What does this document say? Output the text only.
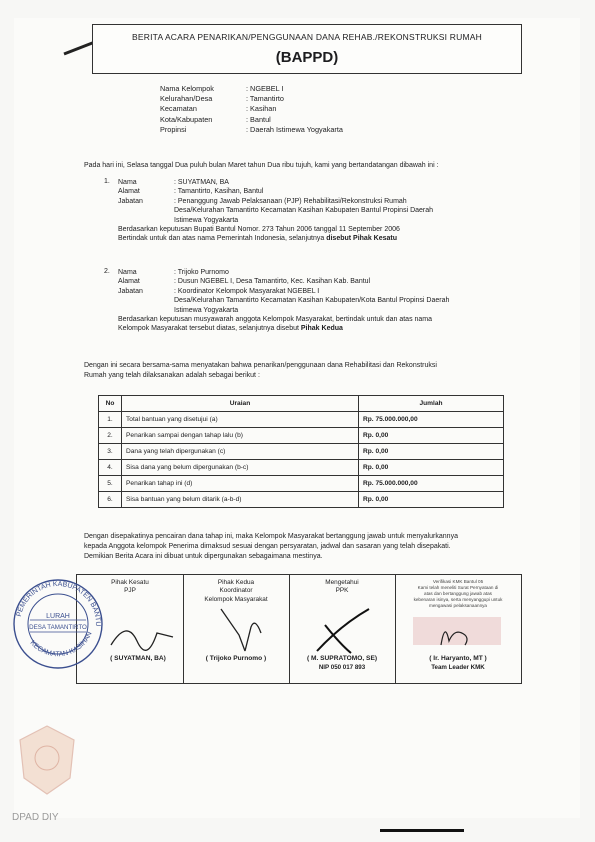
BERITA ACARA PENARIKAN/PENGGUNAAN DANA REHAB./REKONSTRUKSI RUMAH
(BAPPD)
Nama Kelompok	: NGEBEL I
Kelurahan/Desa	: Tamantirto
Kecamatan	: Kasihan
Kota/Kabupaten	: Bantul
Propinsi	: Daerah Istimewa Yogyakarta
Pada hari ini, Selasa tanggal Dua puluh bulan Maret tahun Dua ribu tujuh, kami yang bertandatangan dibawah ini :
1. Nama	: SUYATMAN, BA
Alamat	: Tamantirto, Kasihan, Bantul
Jabatan	: Penanggung Jawab Pelaksanaan (PJP) Rehabilitasi/Rekonstruksi Rumah
Desa/Kelurahan Tamantirto Kecamatan Kasihan Kabupaten Bantul Propinsi Daerah
Istimewa Yogyakarta
Berdasarkan keputusan Bupati Bantul Nomor. 273 Tahun 2006 tanggal 11 September 2006
Bertindak untuk dan atas nama Pemerintah Indonesia, selanjutnya disebut Pihak Kesatu
2. Nama	: Trijoko Purnomo
Alamat	: Dusun NGEBEL I, Desa Tamantirto, Kec. Kasihan Kab. Bantul
Jabatan	: Koordinator Kelompok Masyarakat NGEBEL I
Desa/Kelurahan Tamantirto Kecamatan Kasihan Kabupaten/Kota Bantul Propinsi Daerah
Istimewa Yogyakarta
Berdasarkan keputusan musyawarah anggota Kelompok Masyarakat, bertindak untuk dan atas nama
Kelompok Masyarakat tersebut diatas, selanjutnya disebut Pihak Kedua
Dengan ini secara bersama-sama menyatakan bahwa penarikan/penggunaan dana Rehabilitasi dan Rekonstruksi
Rumah yang telah dilaksanakan adalah sebagai berikut :
No	Uraian	Jumlah
1.	Total bantuan yang disetujui (a)	Rp. 75.000.000,00
2.	Penarikan sampai dengan tahap lalu (b)	Rp. 0,00
3.	Dana yang telah dipergunakan (c)	Rp. 0,00
4.	Sisa dana yang belum dipergunakan (b-c)	Rp. 0,00
5.	Penarikan tahap ini (d)	Rp. 75.000.000,00
6.	Sisa bantuan yang belum ditarik (a-b-d)	Rp. 0,00
Dengan disepakatinya pencairan dana tahap ini, maka Kelompok Masyarakat bertanggung jawab untuk menyalurkannya
kepada Anggota kelompok Penerima dimaksud sesuai dengan persyaratan, jadwal dan sasaran yang telah disepakati.
Demikian Berita Acara ini dibuat untuk dipergunakan sebagaimana mestinya.
Pihak Kesatu
PJP
( SUYATMAN, BA)
Pihak Kedua
Koordinator
Kelompok Masyarakat
( Trijoko Purnomo )
Mengetahui
PPK
( M. SUPRATOMO, SE)
NIP 050 017 893
Verifikasi KMK Bantul 05
Kami telah meneliti Surat Pernyataan di
atas dan bertanggung jawab atas
kebenaran isinya, serta menyanggupi untuk
mengawasi pelaksanaannya
( Ir. Haryanto, MT )
Team Leader KMK
PEMERINTAH KABUPATEN BANTU
KECAMATAN KASIHAN
LURAH
DESA TAMANTIRTO
DPAD DIY
